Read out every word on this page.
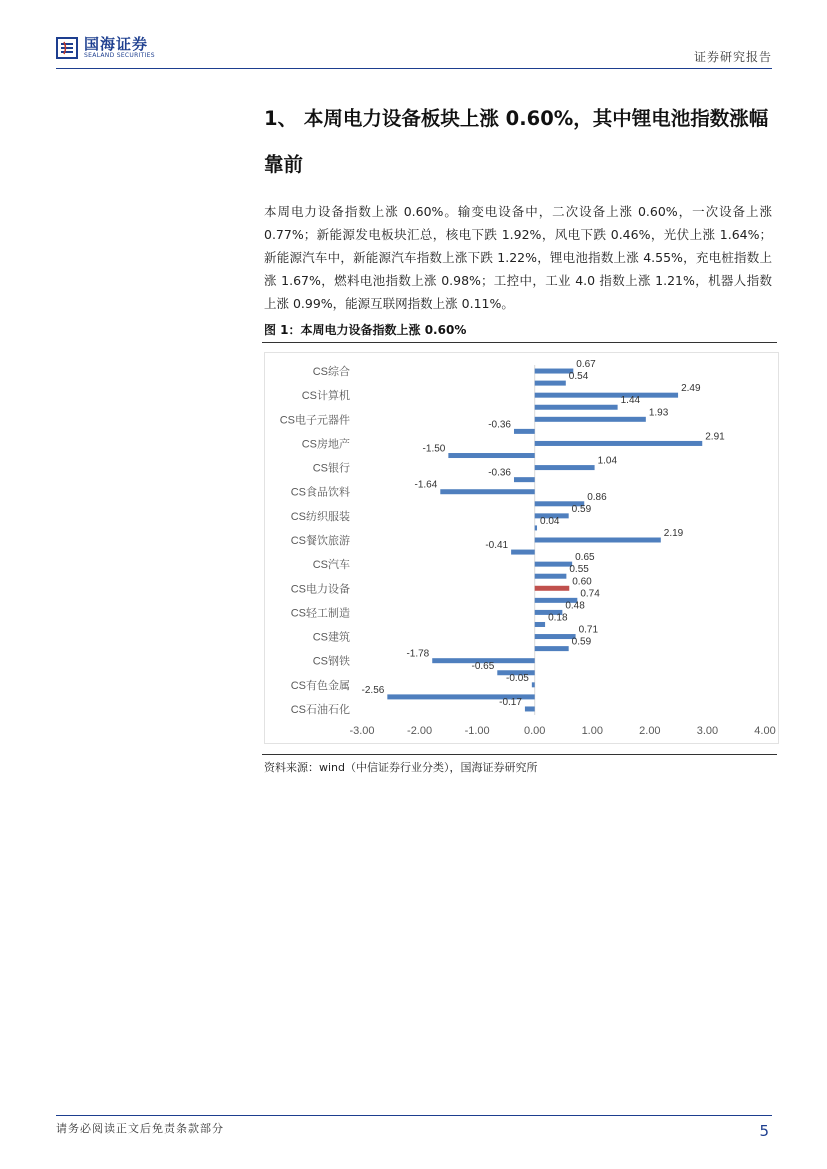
国海证券
SEALAND SECURITIES	证券研究报告
1、 本周电力设备板块上涨 0.60%，其中锂电池指数涨幅靠前
本周电力设备指数上涨 0.60%。输变电设备中，二次设备上涨 0.60%，一次设备上涨 0.77%；新能源发电板块汇总，核电下跌 1.92%，风电下跌 0.46%，光伏上涨 1.64%；新能源汽车中，新能源汽车指数上涨下跌 1.22%，锂电池指数上涨 4.55%，充电桩指数上涨 1.67%，燃料电池指数上涨 0.98%；工控中，工业 4.0 指数上涨 1.21%，机器人指数上涨 0.99%，能源互联网指数上涨 0.11%。
图 1：本周电力设备指数上涨 0.60%
0.67
0.54
2.49
1.44
1.93
-0.36
2.91
-1.50
1.04
-0.36
-1.64
0.86
0.59
0.04
2.19
-0.41
0.65
0.55
0.60
0.74
0.48
0.18
0.71
0.59
-1.78
-0.65
-0.05
-2.56
-0.17
CS综合
CS计算机
CS电子元器件
CS房地产
CS银行
CS食品饮料
CS纺织服装
CS餐饮旅游
CS汽车
CS电力设备
CS轻工制造
CS建筑
CS钢铁
CS有色金属
CS石油石化
-3.00	-2.00	-1.00	0.00	1.00	2.00	3.00	4.00
资料来源：wind（中信证券行业分类），国海证券研究所
请务必阅读正文后免责条款部分	5
